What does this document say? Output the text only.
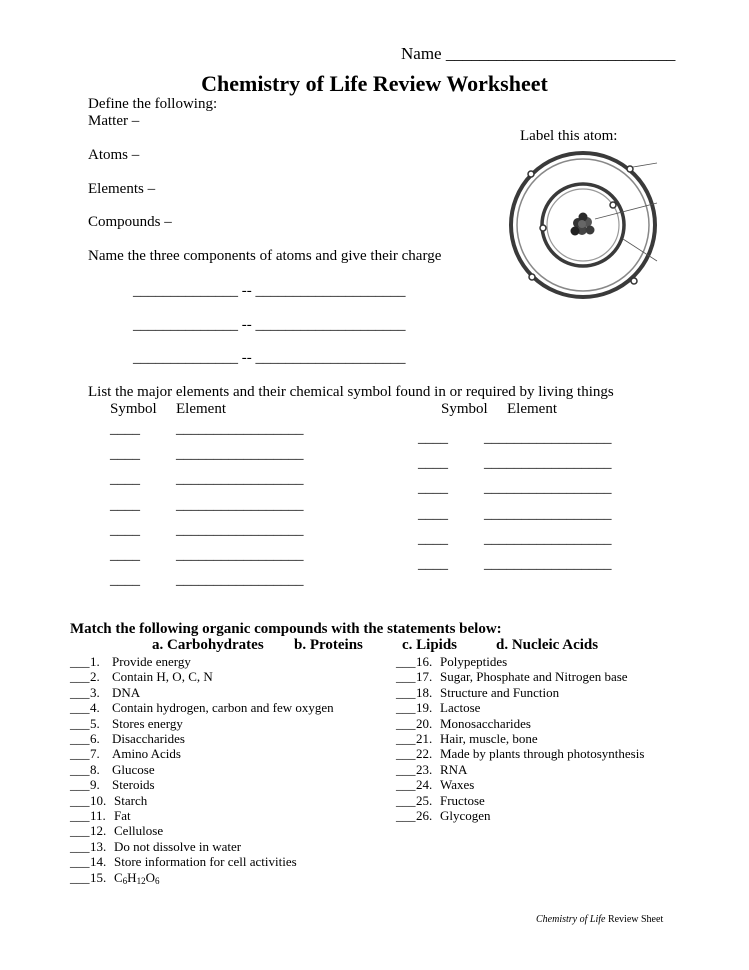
Name ___________________________
Chemistry of Life Review Worksheet
Define the following:
Matter –
Atoms –
Elements –
Compounds –
Label this atom:
Name the three components of atoms and give their charge
______________ -- ____________________
______________ -- ____________________
______________ -- ____________________
List the major elements and their chemical symbol found in or required by living things
Symbol Element	Symbol Element
____ _________________
____ _________________
____ _________________
____ _________________
____ _________________
____ _________________
____ _________________
____ _________________
____ _________________
____ _________________
____ _________________
____ _________________
____ _________________
Match the following organic compounds with the statements below:
a. Carbohydrates b. Proteins	c. Lipids	d. Nucleic Acids
___1. Provide energy
___2. Contain H, O, C, N
___3. DNA
___4. Contain hydrogen, carbon and few oxygen
___5. Stores energy
___6. Disaccharides
___7. Amino Acids
___8. Glucose
___9. Steroids
___10. Starch
___11. Fat
___12. Cellulose
___13. Do not dissolve in water
___14. Store information for cell activities
___15. $C_6H_{12}O_6$
___16. Polypeptides
___17. Sugar, Phosphate and Nitrogen base
___18. Structure and Function
___19. Lactose
___20. Monosaccharides
___21. Hair, muscle, bone
___22. Made by plants through photosynthesis
___23. RNA
___24. Waxes
___25. Fructose
___26. Glycogen
Chemistry of Life Review Sheet
